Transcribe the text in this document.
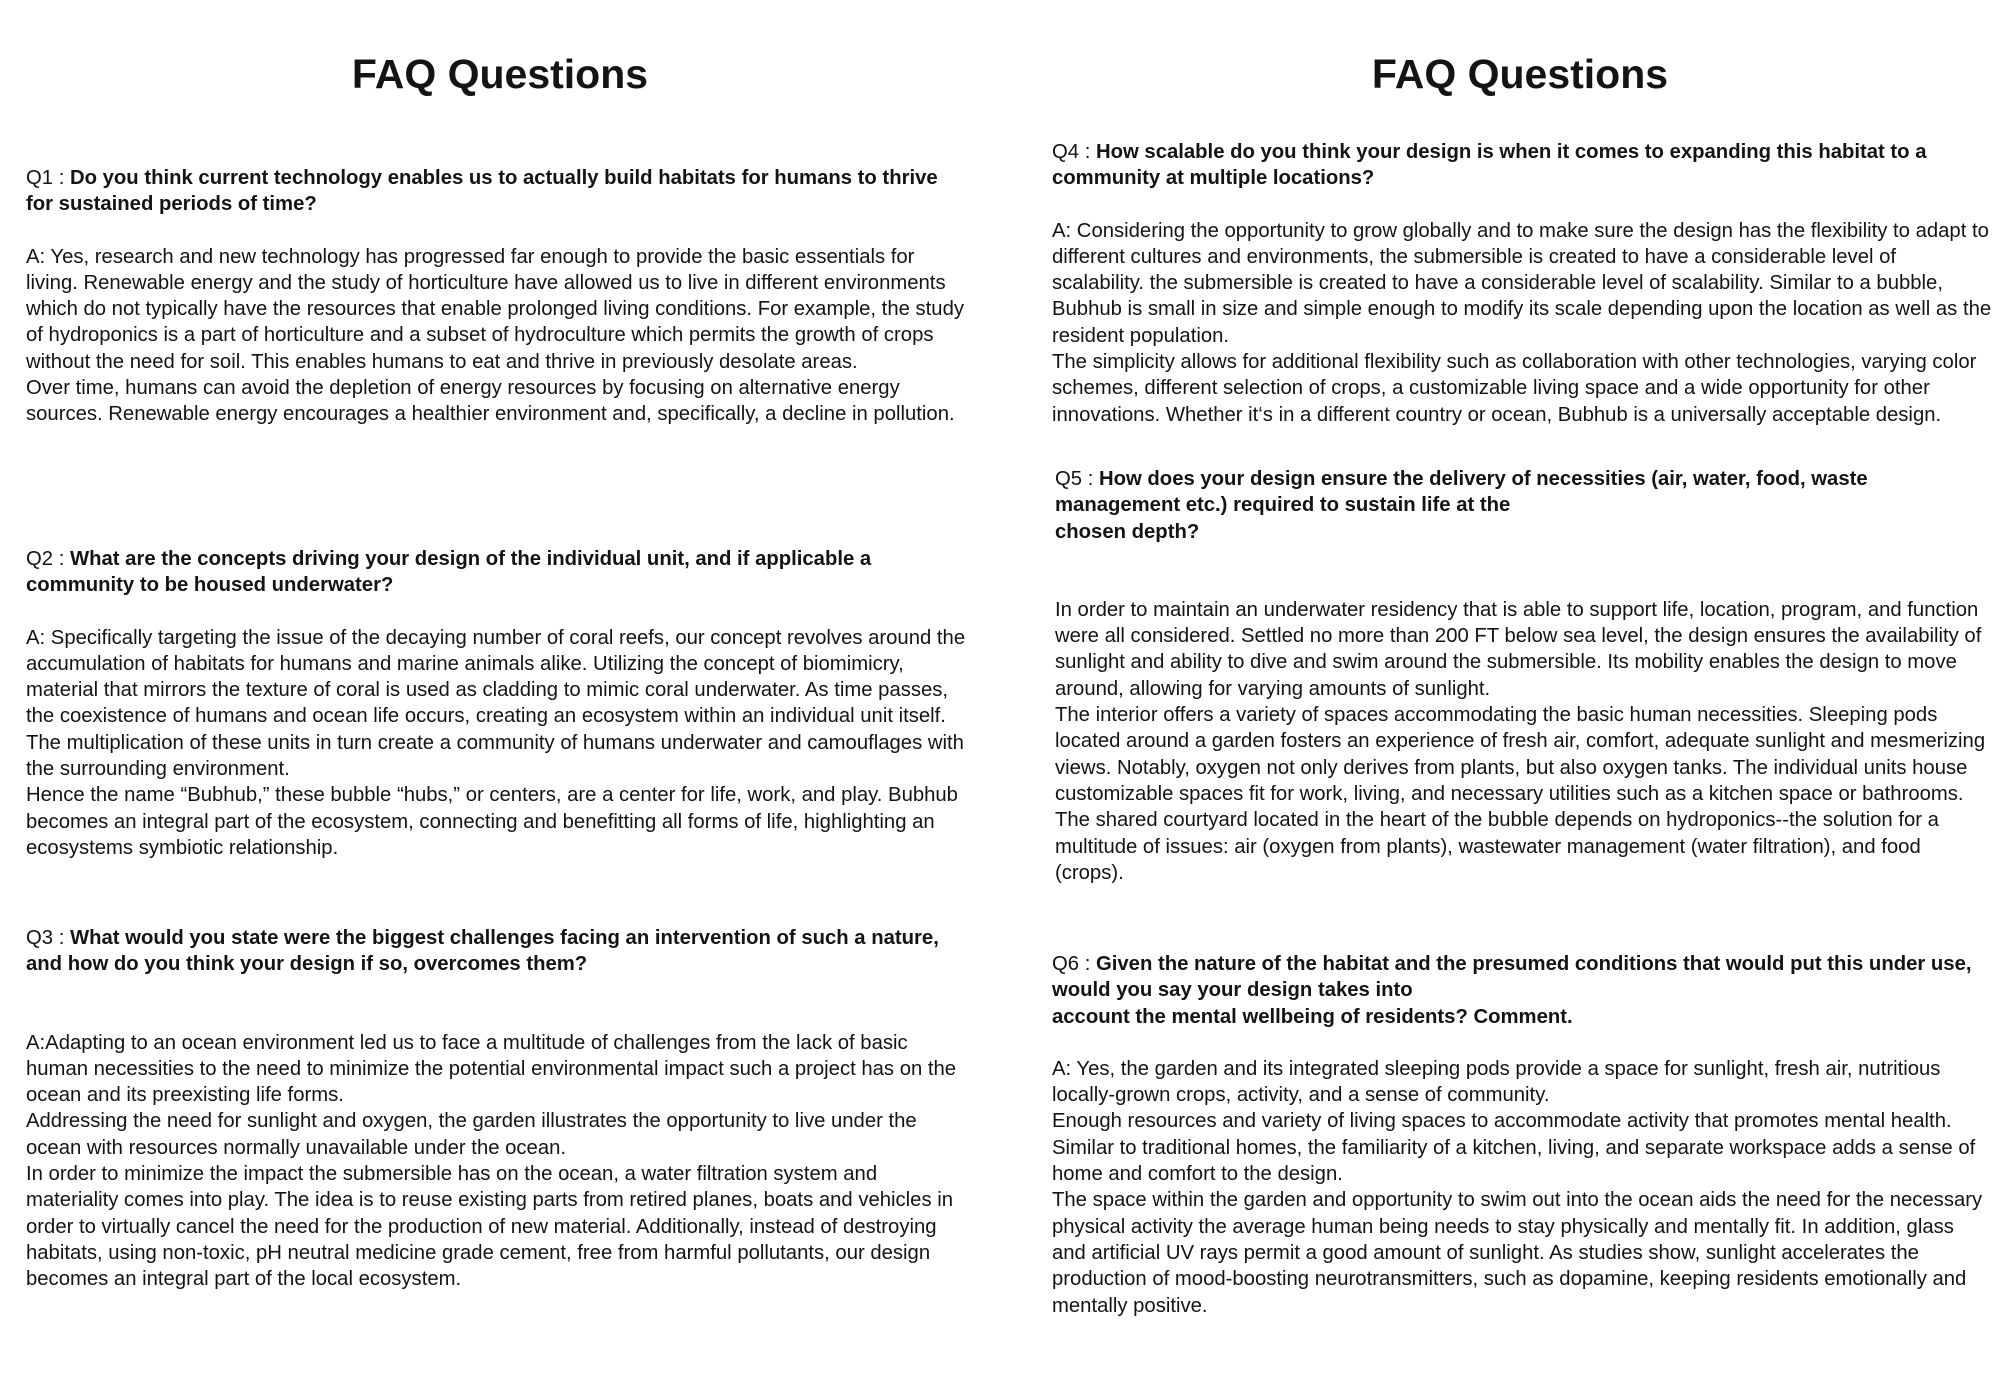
FAQ Questions

Q1 : Do you think current technology enables us to actually build habitats for humans to thrive for sustained periods of time?

A: Yes, research and new technology has progressed far enough to provide the basic essentials for living. Renewable energy and the study of horticulture have allowed us to live in different environments which do not typically have the resources that enable prolonged living conditions. For example, the study of hydroponics is a part of horticulture and a subset of hydroculture which permits the growth of crops without the need for soil. This enables humans to eat and thrive in previously desolate areas.
Over time, humans can avoid the depletion of energy resources by focusing on alternative energy sources. Renewable energy encourages a healthier environment and, specifically, a decline in pollution.

Q2 : What are the concepts driving your design of the individual unit, and if applicable a community to be housed underwater?

A: Specifically targeting the issue of the decaying number of coral reefs, our concept revolves around the accumulation of habitats for humans and marine animals alike. Utilizing the concept of biomimicry, material that mirrors the texture of coral is used as cladding to mimic coral underwater. As time passes, the coexistence of humans and ocean life occurs, creating an ecosystem within an individual unit itself. The multiplication of these units in turn create a community of humans underwater and camouflages with the surrounding environment.
Hence the name “Bubhub,” these bubble “hubs,” or centers, are a center for life, work, and play. Bubhub becomes an integral part of the ecosystem, connecting and benefitting all forms of life, highlighting an ecosystems symbiotic relationship.

Q3 : What would you state were the biggest challenges facing an intervention of such a nature, and how do you think your design if so, overcomes them?

A:Adapting to an ocean environment led us to face a multitude of challenges from the lack of basic human necessities to the need to minimize the potential environmental impact such a project has on the ocean and its preexisting life forms.
Addressing the need for sunlight and oxygen, the garden illustrates the opportunity to live under the ocean with resources normally unavailable under the ocean.
In order to minimize the impact the submersible has on the ocean, a water filtration system and materiality comes into play. The idea is to reuse existing parts from retired planes, boats and vehicles in order to virtually cancel the need for the production of new material. Additionally, instead of destroying habitats, using non-toxic, pH neutral medicine grade cement, free from harmful pollutants, our design becomes an integral part of the local ecosystem.

FAQ Questions

Q4 : How scalable do you think your design is when it comes to expanding this habitat to a community at multiple locations?

A: Considering the opportunity to grow globally and to make sure the design has the flexibility to adapt to different cultures and environments, the submersible is created to have a considerable level of scalability. the submersible is created to have a considerable level of scalability. Similar to a bubble, Bubhub is small in size and simple enough to modify its scale depending upon the location as well as the resident population.
The simplicity allows for additional flexibility such as collaboration with other technologies, varying color schemes, different selection of crops, a customizable living space and a wide opportunity for other innovations. Whether it‘s in a different country or ocean, Bubhub is a universally acceptable design.

Q5 : How does your design ensure the delivery of necessities (air, water, food, waste management etc.) required to sustain life at the
chosen depth?

In order to maintain an underwater residency that is able to support life, location, program, and function were all considered. Settled no more than 200 FT below sea level, the design ensures the availability of sunlight and ability to dive and swim around the submersible. Its mobility enables the design to move around, allowing for varying amounts of sunlight.
The interior offers a variety of spaces accommodating the basic human necessities. Sleeping pods located around a garden fosters an experience of fresh air, comfort, adequate sunlight and mesmerizing views. Notably, oxygen not only derives from plants, but also oxygen tanks. The individual units house customizable spaces fit for work, living, and necessary utilities such as a kitchen space or bathrooms. The shared courtyard located in the heart of the bubble depends on hydroponics--the solution for a multitude of issues: air (oxygen from plants), wastewater management (water filtration), and food (crops).

Q6 : Given the nature of the habitat and the presumed conditions that would put this under use, would you say your design takes into
account the mental wellbeing of residents? Comment.

A: Yes, the garden and its integrated sleeping pods provide a space for sunlight, fresh air, nutritious locally-grown crops, activity, and a sense of community.
Enough resources and variety of living spaces to accommodate activity that promotes mental health. Similar to traditional homes, the familiarity of a kitchen, living, and separate workspace adds a sense of home and comfort to the design.
The space within the garden and opportunity to swim out into the ocean aids the need for the necessary physical activity the average human being needs to stay physically and mentally fit. In addition, glass and artificial UV rays permit a good amount of sunlight. As studies show, sunlight accelerates the production of mood-boosting neurotransmitters, such as dopamine, keeping residents emotionally and mentally positive.
